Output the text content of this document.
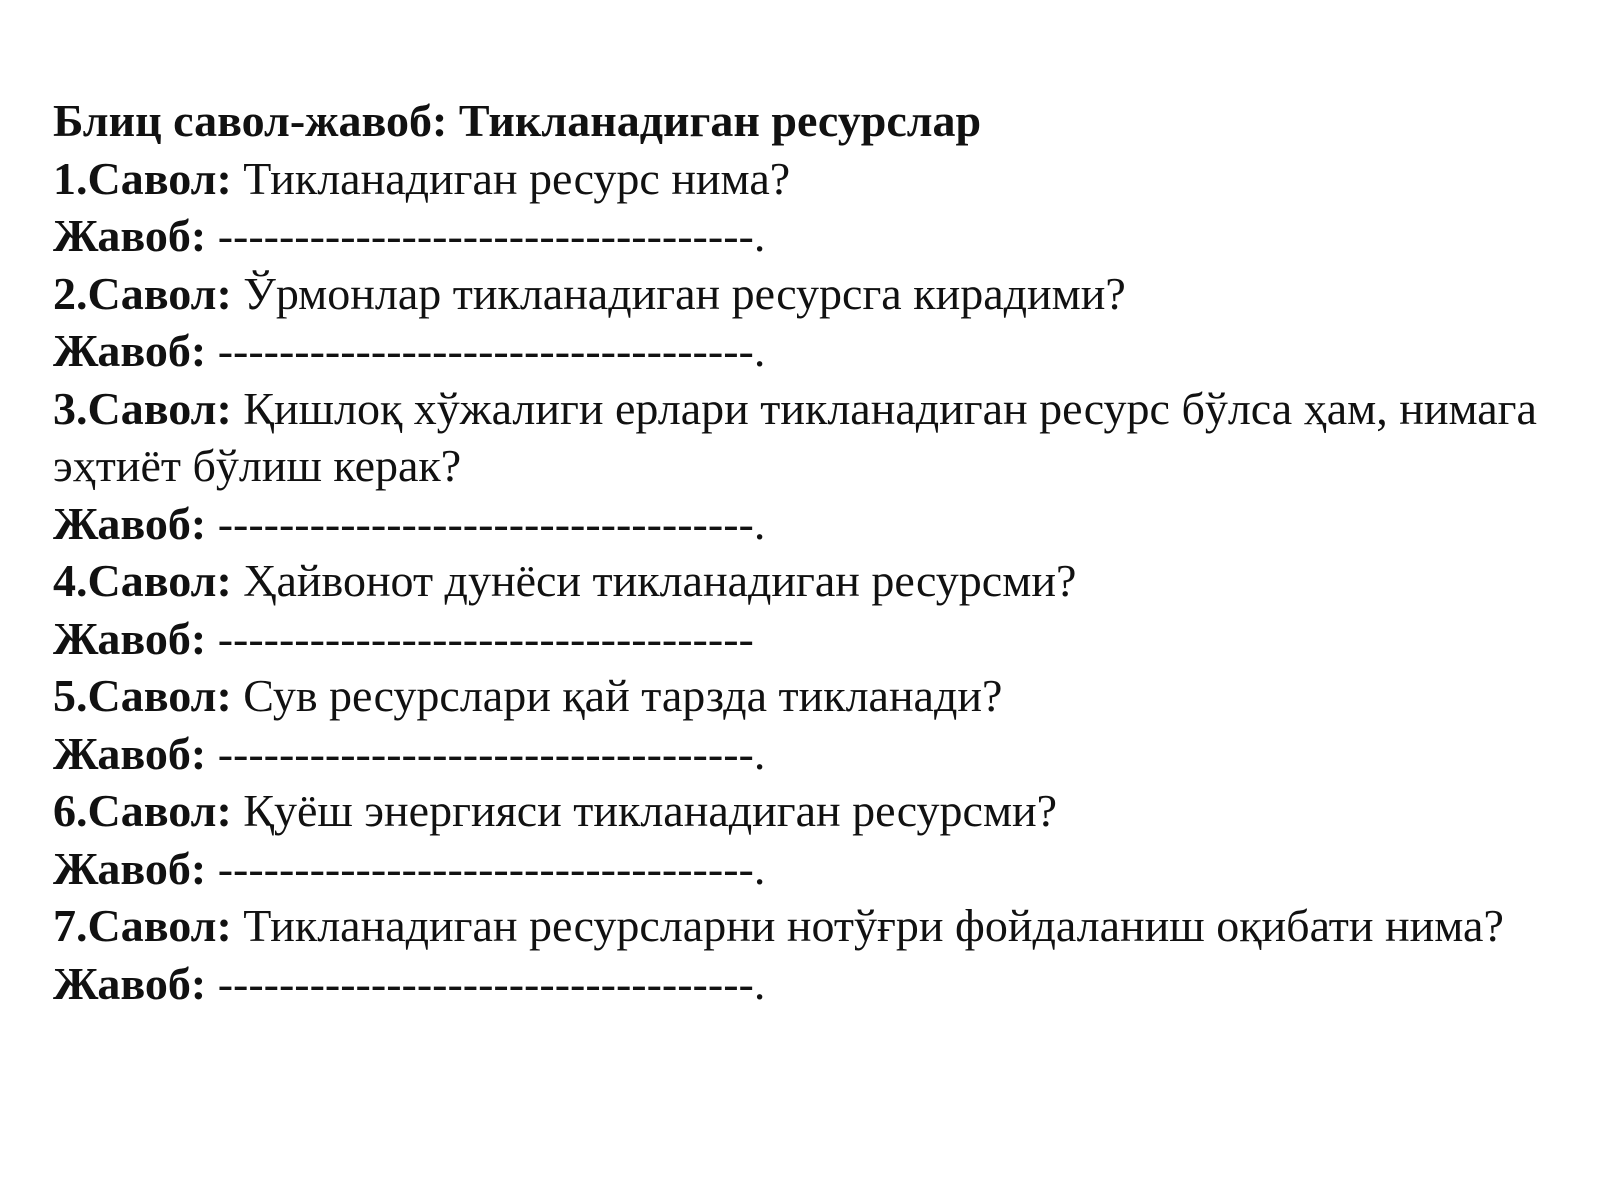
Блиц савол-жавоб: Тикланадиган ресурслар
1.Савол: Тикланадиган ресурс нима?
Жавоб: -----------------------------------.
2.Савол: Ўрмонлар тикланадиган ресурсга кирадими?
Жавоб: -----------------------------------.
3.Савол: Қишлоқ хўжалиги ерлари тикланадиган ресурс бўлса ҳам, нимага эҳтиёт бўлиш керак?
Жавоб: -----------------------------------.
4.Савол: Ҳайвонот дунёси тикланадиган ресурсми?
Жавоб: -----------------------------------
5.Савол: Сув ресурслари қай тарзда тикланади?
Жавоб: -----------------------------------.
6.Савол: Қуёш энергияси тикланадиган ресурсми?
Жавоб: -----------------------------------.
7.Савол: Тикланадиган ресурсларни нотўғри фойдаланиш оқибати нима?
Жавоб: -----------------------------------.
